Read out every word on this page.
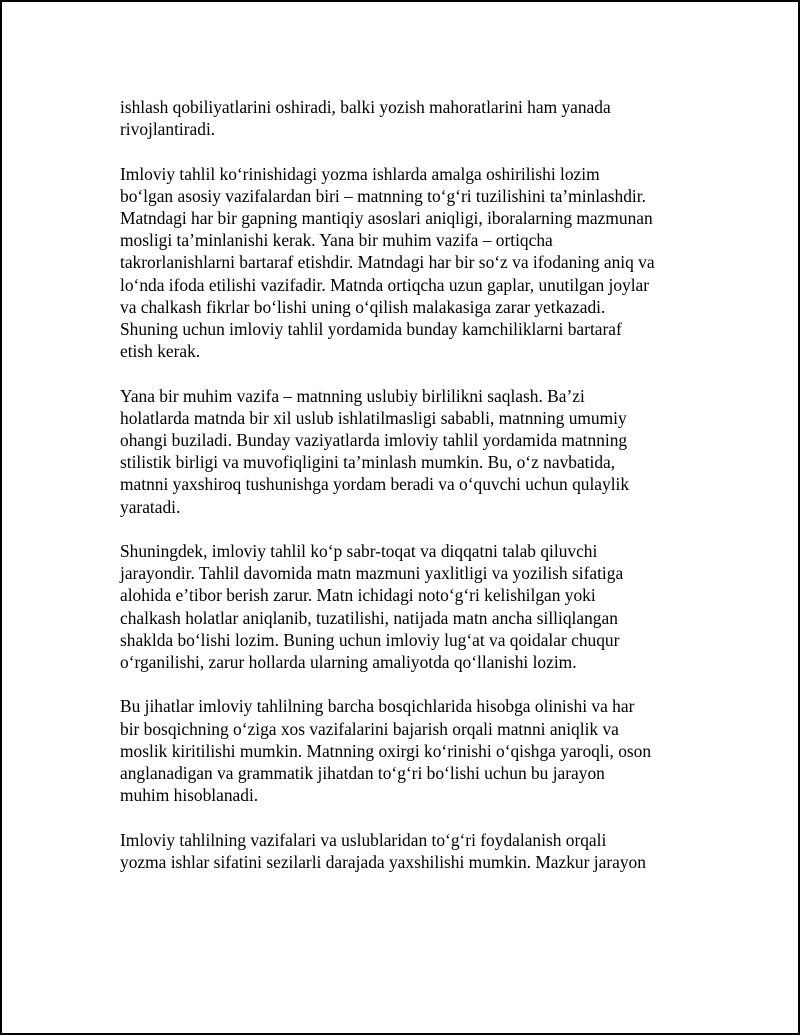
ishlash qobiliyatlarini oshiradi, balki yozish mahoratlarini ham yanada
rivojlantiradi.

Imloviy tahlil koʻrinishidagi yozma ishlarda amalga oshirilishi lozim
boʻlgan asosiy vazifalardan biri – matnning toʻgʻri tuzilishini taʼminlashdir.
Matndagi har bir gapning mantiqiy asoslari aniqligi, iboralarning mazmunan
mosligi taʼminlanishi kerak. Yana bir muhim vazifa – ortiqcha
takrorlanishlarni bartaraf etishdir. Matndagi har bir soʻz va ifodaning aniq va
loʻnda ifoda etilishi vazifadir. Matnda ortiqcha uzun gaplar, unutilgan joylar
va chalkash fikrlar boʻlishi uning oʻqilish malakasiga zarar yetkazadi.
Shuning uchun imloviy tahlil yordamida bunday kamchiliklarni bartaraf
etish kerak.

Yana bir muhim vazifa – matnning uslubiy birlilikni saqlash. Baʼzi
holatlarda matnda bir xil uslub ishlatilmasligi sababli, matnning umumiy
ohangi buziladi. Bunday vaziyatlarda imloviy tahlil yordamida matnning
stilistik birligi va muvofiqligini taʼminlash mumkin. Bu, oʻz navbatida,
matnni yaxshiroq tushunishga yordam beradi va oʻquvchi uchun qulaylik
yaratadi.

Shuningdek, imloviy tahlil koʻp sabr-toqat va diqqatni talab qiluvchi
jarayondir. Tahlil davomida matn mazmuni yaxlitligi va yozilish sifatiga
alohida eʼtibor berish zarur. Matn ichidagi notoʻgʻri kelishilgan yoki
chalkash holatlar aniqlanib, tuzatilishi, natijada matn ancha silliqlangan
shaklda boʻlishi lozim. Buning uchun imloviy lugʻat va qoidalar chuqur
oʻrganilishi, zarur hollarda ularning amaliyotda qoʻllanishi lozim.

Bu jihatlar imloviy tahlilning barcha bosqichlarida hisobga olinishi va har
bir bosqichning oʻziga xos vazifalarini bajarish orqali matnni aniqlik va
moslik kiritilishi mumkin. Matnning oxirgi koʻrinishi oʻqishga yaroqli, oson
anglanadigan va grammatik jihatdan toʻgʻri boʻlishi uchun bu jarayon
muhim hisoblanadi.

Imloviy tahlilning vazifalari va uslublaridan toʻgʻri foydalanish orqali
yozma ishlar sifatini sezilarli darajada yaxshilishi mumkin. Mazkur jarayon
